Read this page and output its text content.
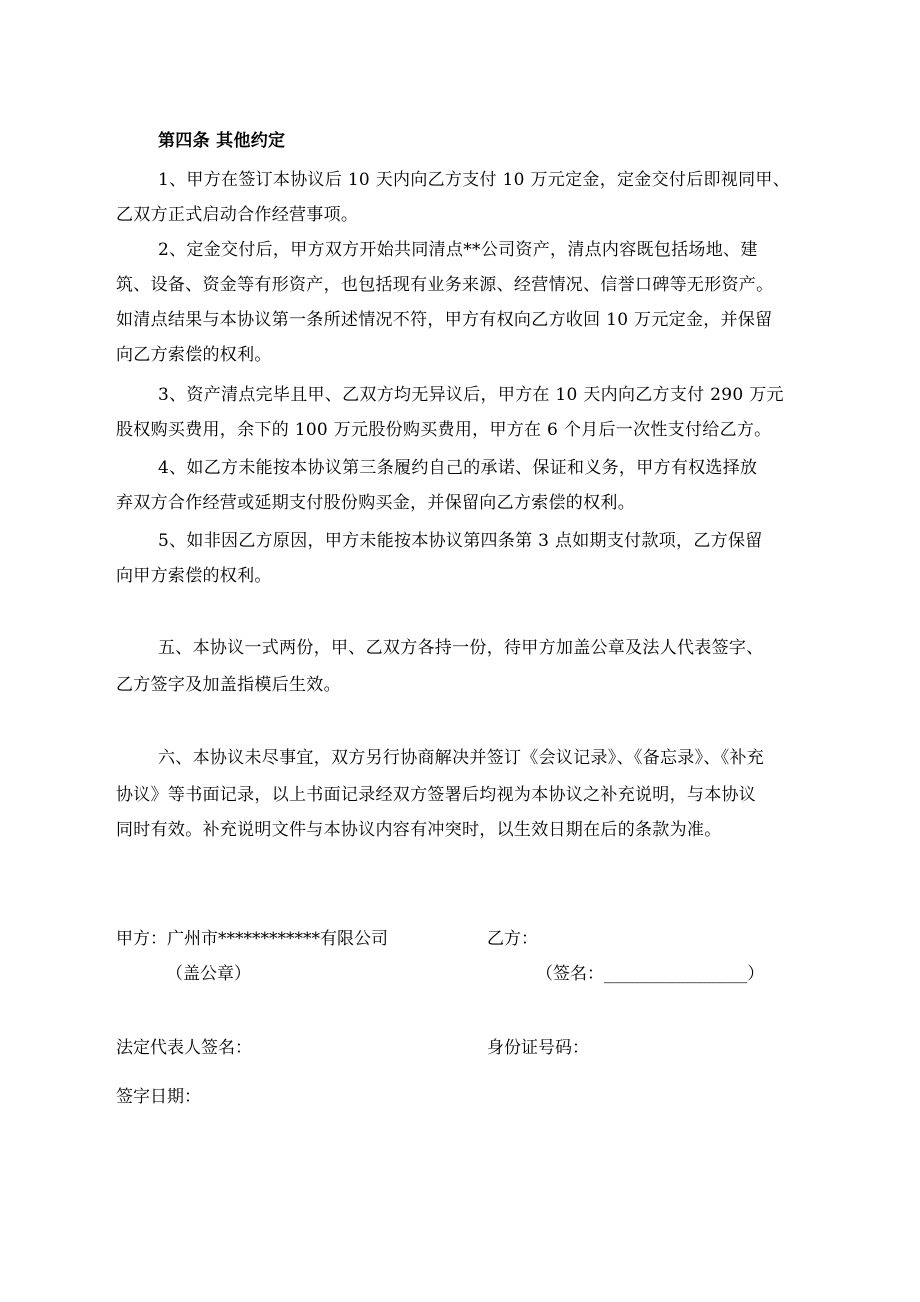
第四条 其他约定
1、甲方在签订本协议后 10 天内向乙方支付 10 万元定金，定金交付后即视同甲、
乙双方正式启动合作经营事项。
2、定金交付后，甲方双方开始共同清点**公司资产，清点内容既包括场地、建
筑、设备、资金等有形资产，也包括现有业务来源、经营情况、信誉口碑等无形资产。
如清点结果与本协议第一条所述情况不符，甲方有权向乙方收回 10 万元定金，并保留
向乙方索偿的权利。
3、资产清点完毕且甲、乙双方均无异议后，甲方在 10 天内向乙方支付 290 万元
股权购买费用，余下的 100 万元股份购买费用，甲方在 6 个月后一次性支付给乙方。
4、如乙方未能按本协议第三条履约自己的承诺、保证和义务，甲方有权选择放
弃双方合作经营或延期支付股份购买金，并保留向乙方索偿的权利。
5、如非因乙方原因，甲方未能按本协议第四条第 3 点如期支付款项，乙方保留
向甲方索偿的权利。
五、本协议一式两份，甲、乙双方各持一份，待甲方加盖公章及法人代表签字、
乙方签字及加盖指模后生效。
六、本协议未尽事宜，双方另行协商解决并签订《会议记录》、《备忘录》、《补充
协议》等书面记录，以上书面记录经双方签署后均视为本协议之补充说明，与本协议
同时有效。补充说明文件与本协议内容有冲突时，以生效日期在后的条款为准。
甲方：广州市************有限公司	乙方：
（盖公章）	（签名：______________）
法定代表人签名：	身份证号码：
签字日期：
